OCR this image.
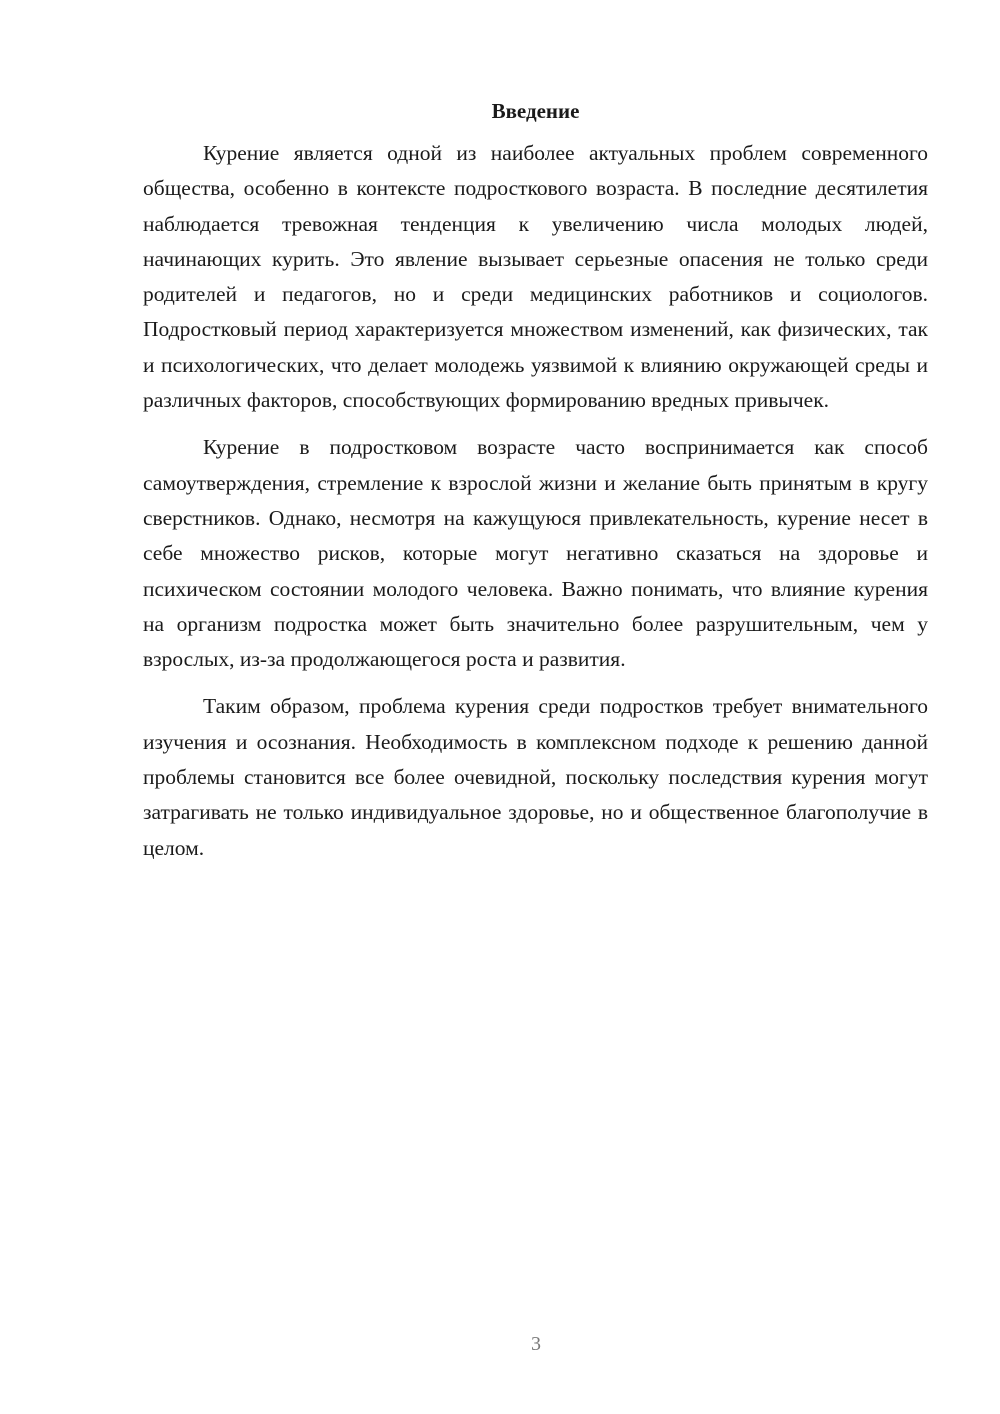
Введение

Курение является одной из наиболее актуальных проблем современного общества, особенно в контексте подросткового возраста. В последние десятилетия наблюдается тревожная тенденция к увеличению числа молодых людей, начинающих курить. Это явление вызывает серьезные опасения не только среди родителей и педагогов, но и среди медицинских работников и социологов. Подростковый период характеризуется множеством изменений, как физических, так и психологических, что делает молодежь уязвимой к влиянию окружающей среды и различных факторов, способствующих формированию вредных привычек.

Курение в подростковом возрасте часто воспринимается как способ самоутверждения, стремление к взрослой жизни и желание быть принятым в кругу сверстников. Однако, несмотря на кажущуюся привлекательность, курение несет в себе множество рисков, которые могут негативно сказаться на здоровье и психическом состоянии молодого человека. Важно понимать, что влияние курения на организм подростка может быть значительно более разрушительным, чем у взрослых, из-за продолжающегося роста и развития.

Таким образом, проблема курения среди подростков требует внимательного изучения и осознания. Необходимость в комплексном подходе к решению данной проблемы становится все более очевидной, поскольку последствия курения могут затрагивать не только индивидуальное здоровье, но и общественное благополучие в целом.

3
